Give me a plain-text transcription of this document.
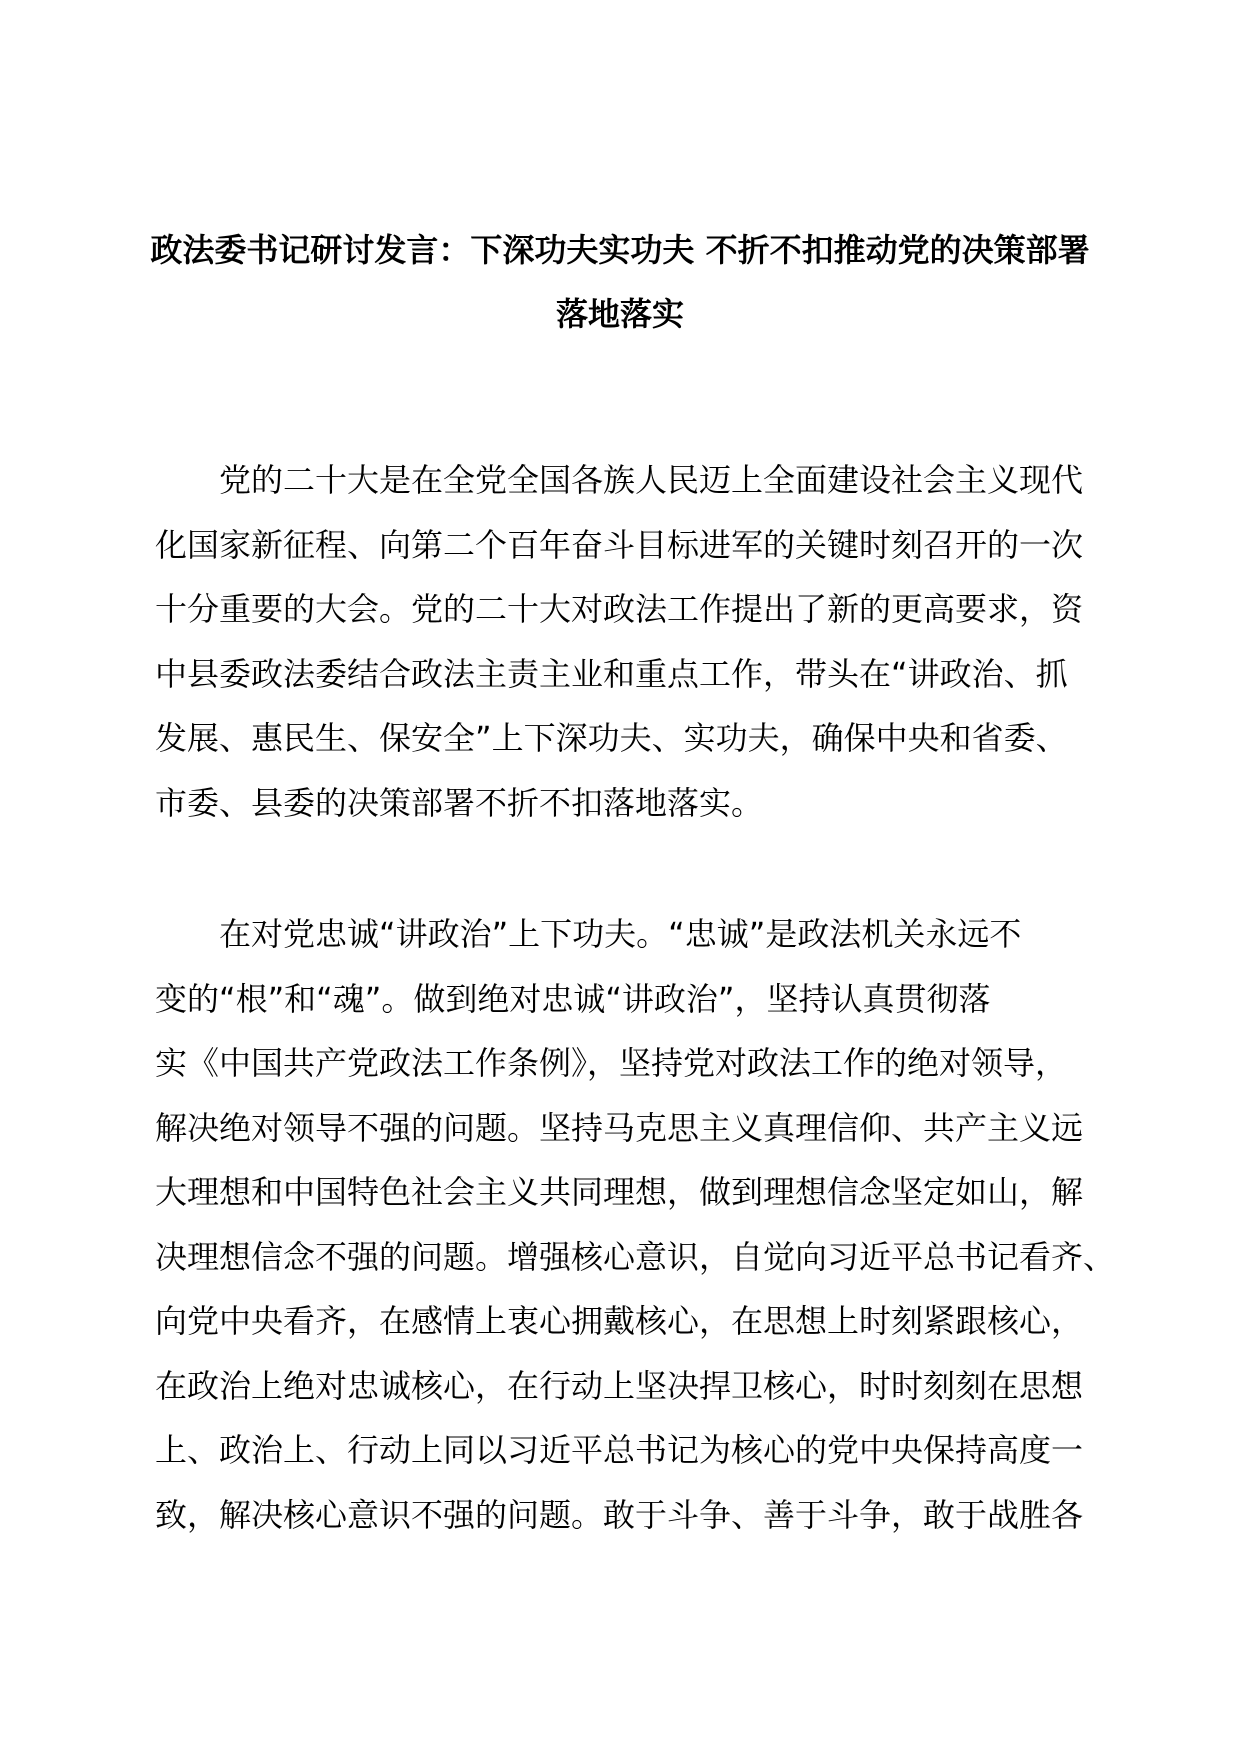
政法委书记研讨发言：下深功夫实功夫 不折不扣推动党的决策部署
落地落实

党的二十大是在全党全国各族人民迈上全面建设社会主义现代
化国家新征程、向第二个百年奋斗目标进军的关键时刻召开的一次
十分重要的大会。党的二十大对政法工作提出了新的更高要求，资
中县委政法委结合政法主责主业和重点工作，带头在“讲政治、抓
发展、惠民生、保安全”上下深功夫、实功夫，确保中央和省委、
市委、县委的决策部署不折不扣落地落实。

在对党忠诚“讲政治”上下功夫。“忠诚”是政法机关永远不
变的“根”和“魂”。做到绝对忠诚“讲政治”，坚持认真贯彻落
实《中国共产党政法工作条例》，坚持党对政法工作的绝对领导，
解决绝对领导不强的问题。坚持马克思主义真理信仰、共产主义远
大理想和中国特色社会主义共同理想，做到理想信念坚定如山，解
决理想信念不强的问题。增强核心意识，自觉向习近平总书记看齐、
向党中央看齐，在感情上衷心拥戴核心，在思想上时刻紧跟核心，
在政治上绝对忠诚核心，在行动上坚决捍卫核心，时时刻刻在思想
上、政治上、行动上同以习近平总书记为核心的党中央保持高度一
致，解决核心意识不强的问题。敢于斗争、善于斗争，敢于战胜各
